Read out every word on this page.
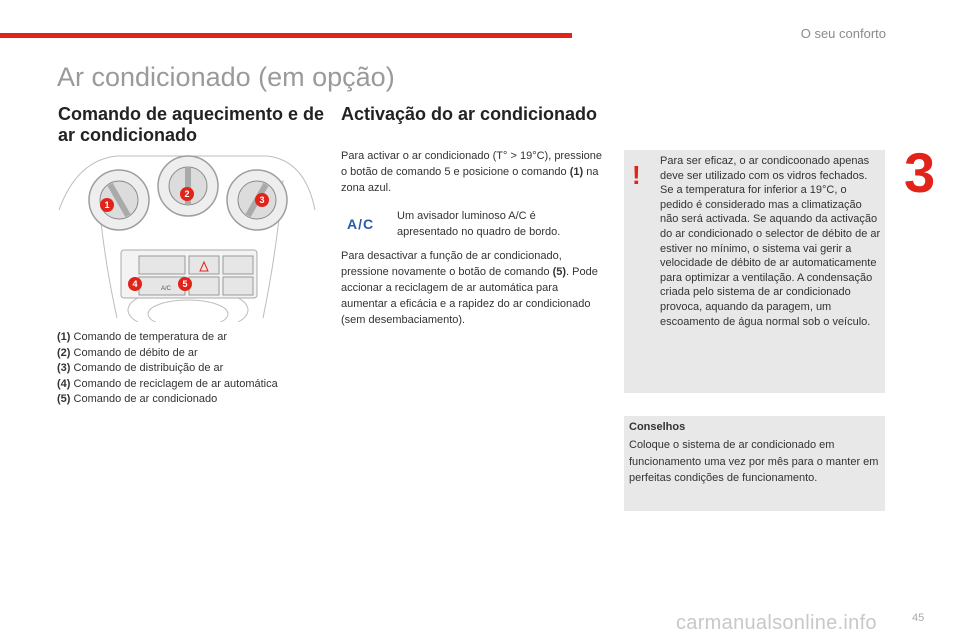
O seu conforto
3
Ar condicionado (em opção)
Comando de aquecimento e de ar condicionado
Activação do ar condicionado
A/C
1
2
3
4	5
(1) Comando de temperatura de ar
(2) Comando de débito de ar
(3) Comando de distribuição de ar
(4) Comando de reciclagem de ar automática
(5) Comando de ar condicionado
Para activar o ar condicionado (T° > 19°C), pressione o botão de comando 5 e posicione o comando (1) na zona azul.
A/C Um avisador luminoso A/C é apresentado no quadro de bordo.
Para desactivar a função de ar condicionado, pressione novamente o botão de comando (5). Pode accionar a reciclagem de ar automática para aumentar a eficácia e a rapidez do ar condicionado (sem desembaciamento).
! Para ser eficaz, o ar condicoonado apenas deve ser utilizado com os vidros fechados. Se a temperatura for inferior a 19°C, o pedido é considerado mas a climatização não será activada. Se aquando da activação do ar condicionado o selector de débito de ar estiver no mínimo, o sistema vai gerir a velocidade de débito de ar automaticamente para optimizar a ventilação. A condensação criada pelo sistema de ar condicionado provoca, aquando da paragem, um escoamento de água normal sob o veículo.
Conselhos
Coloque o sistema de ar condicionado em funcionamento uma vez por mês para o manter em perfeitas condições de funcionamento.
carmanualsonline.info	45
